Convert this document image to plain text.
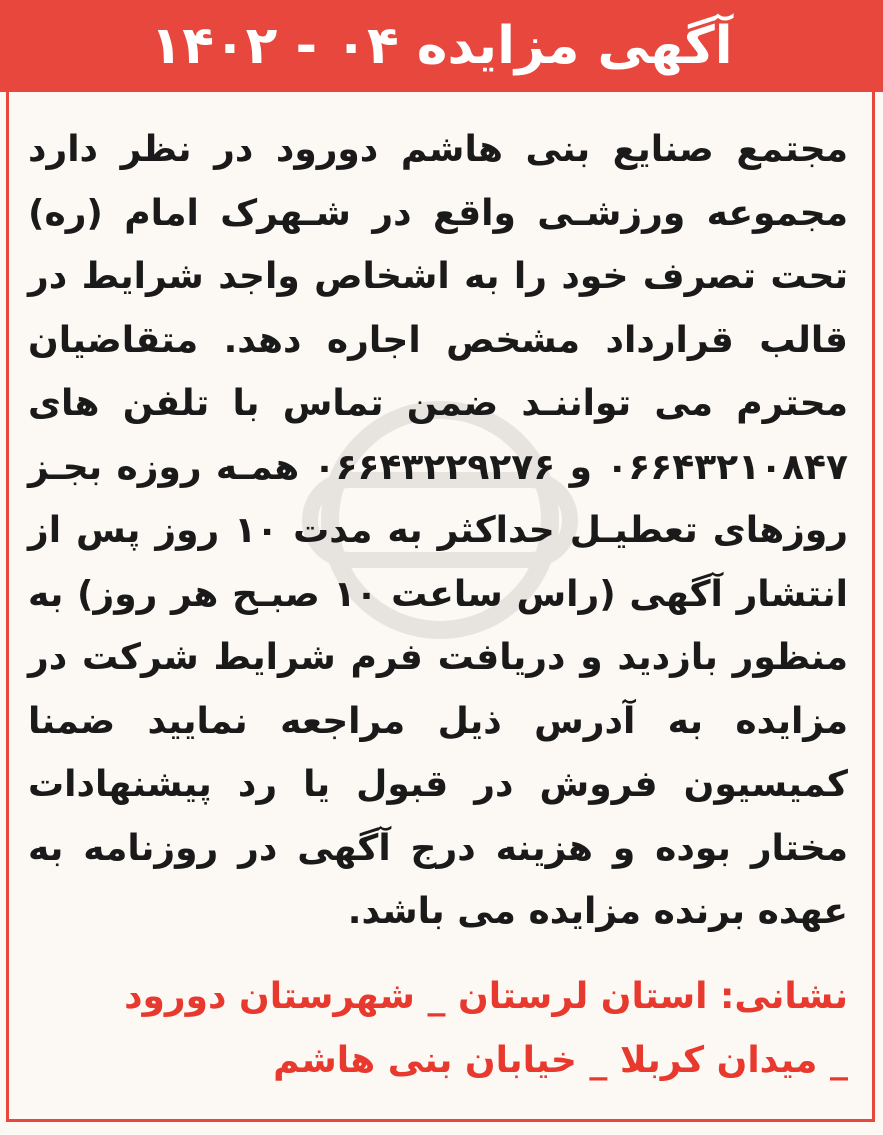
آگهی مزایده ۰۴ - ۱۴۰۲
مجتمع صنایع بنی هاشم دورود در نظر دارد مجموعه ورزشـی واقع در شـهرک امام (ره) تحت تصرف خود را به اشخاص واجد شرایط در قالب قرارداد مشخص اجاره دهد. متقاضیان محترم می تواننـد ضمن تماس با تلفن های ۰۶۶۴۳۲۱۰۸۴۷ و ۰۶۶۴۳۲۲۹۲۷۶ همـه روزه بجـز روزهای تعطیـل حداکثر به مدت ۱۰ روز پس از انتشار آگهی (راس ساعت ۱۰ صبـح هر روز) به منظور بازدید و دریافت فرم شرایط شرکت در مزایده به آدرس ذیل مراجعه نمایید ضمنا کمیسیون فروش در قبول یا رد پیشنهادات مختار بوده و هزینه درج آگهی در روزنامه به عهده برنده مزایده می باشد.
نشانی: استان لرستان _ شهرستان دورود
_ میدان کربلا _ خیابان بنی هاشم
